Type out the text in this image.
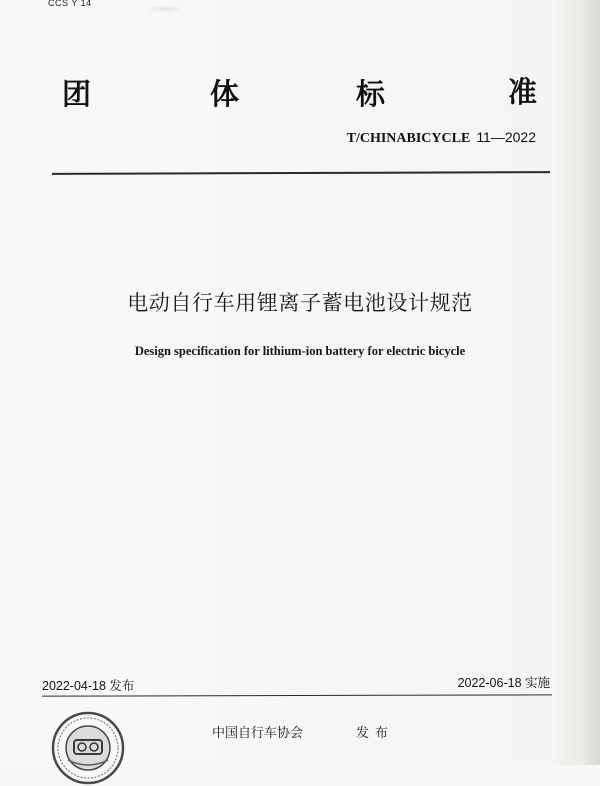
CCS Y 14
团	体	标	准
T/CHINABICYCLE 11—2022
电动自行车用锂离子蓄电池设计规范
Design specification for lithium-ion battery for electric bicycle
2022-04-18 发布	2022-06-18 实施
中国自行车协会	发布
